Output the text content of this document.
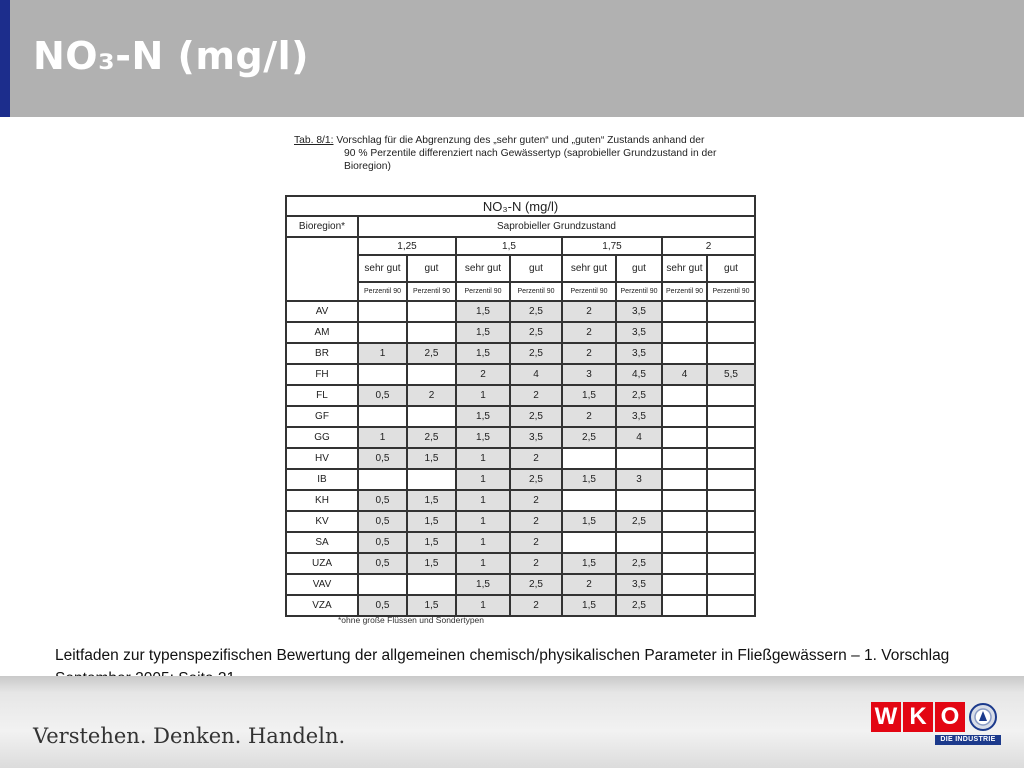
NO₃-N (mg/l)
Tab. 8/1: Vorschlag für die Abgrenzung des „sehr guten“ und „guten“ Zustands anhand der
90 % Perzentile differenziert nach Gewässertyp (saprobieller Grundzustand in der
Bioregion)
NO₃-N (mg/l)								
Bioregion*	Saprobieller Grundzustand							
	1,25		1,5		1,75		2	
	sehr gut	gut	sehr gut	gut	sehr gut	gut	sehr gut	gut
	Perzentil 90	Perzentil 90	Perzentil 90	Perzentil 90	Perzentil 90	Perzentil 90	Perzentil 90	Perzentil 90
AV			1,5	2,5	2	3,5		
AM			1,5	2,5	2	3,5		
BR	1	2,5	1,5	2,5	2	3,5		
FH			2	4	3	4,5	4	5,5
FL	0,5	2	1	2	1,5	2,5		
GF			1,5	2,5	2	3,5		
GG	1	2,5	1,5	3,5	2,5	4		
HV	0,5	1,5	1	2				
IB			1	2,5	1,5	3		
KH	0,5	1,5	1	2				
KV	0,5	1,5	1	2	1,5	2,5		
SA	0,5	1,5	1	2				
UZA	0,5	1,5	1	2	1,5	2,5		
VAV			1,5	2,5	2	3,5		
VZA	0,5	1,5	1	2	1,5	2,5		
*ohne große Flüssen und Sondertypen
Leitfaden zur typenspezifischen Bewertung der allgemeinen chemisch/physikalischen Parameter in Fließgewässern – 1. Vorschlag
Verstehen. Denken. Handeln.
W K O
DIE INDUSTRIE
